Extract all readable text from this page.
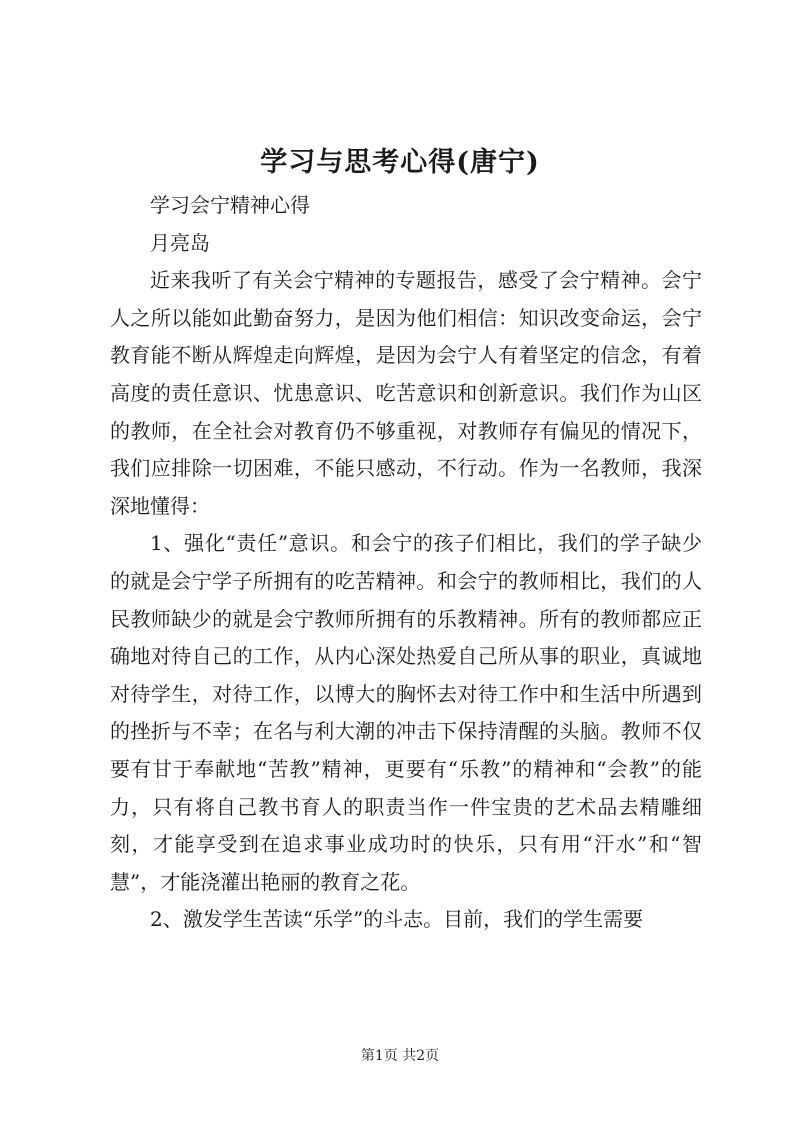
学习与思考心得(唐宁)

学习会宁精神心得

月亮岛

近来我听了有关会宁精神的专题报告，感受了会宁精神。会宁人之所以能如此勤奋努力，是因为他们相信：知识改变命运，会宁教育能不断从辉煌走向辉煌，是因为会宁人有着坚定的信念，有着高度的责任意识、忧患意识、吃苦意识和创新意识。我们作为山区的教师，在全社会对教育仍不够重视，对教师存有偏见的情况下，我们应排除一切困难，不能只感动，不行动。作为一名教师，我深深地懂得：

1、强化“责任”意识。和会宁的孩子们相比，我们的学子缺少的就是会宁学子所拥有的吃苦精神。和会宁的教师相比，我们的人民教师缺少的就是会宁教师所拥有的乐教精神。所有的教师都应正确地对待自己的工作，从内心深处热爱自己所从事的职业，真诚地对待学生，对待工作，以博大的胸怀去对待工作中和生活中所遇到的挫折与不幸；在名与利大潮的冲击下保持清醒的头脑。教师不仅要有甘于奉献地“苦教”精神，更要有“乐教”的精神和“会教”的能力，只有将自己教书育人的职责当作一件宝贵的艺术品去精雕细刻，才能享受到在追求事业成功时的快乐，只有用“汗水”和“智慧”，才能浇灌出艳丽的教育之花。

2、激发学生苦读“乐学”的斗志。目前，我们的学生需要

第1页 共2页
